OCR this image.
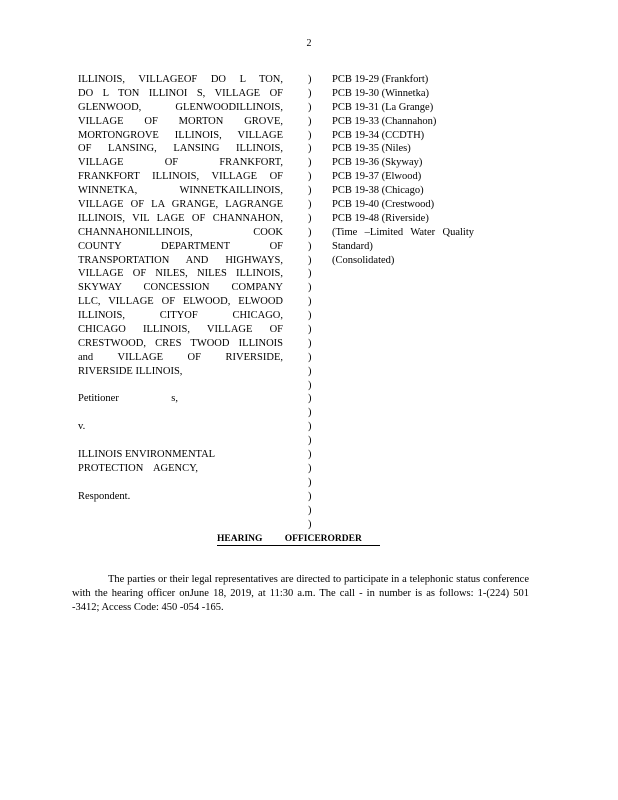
2
ILLINOIS, VILLAGEOF DO L TON,
DO L TON ILLINOI S, VILLAGE OF
GLENWOOD, GLENWOODILLINOIS,
VILLAGE OF MORTON GROVE,
MORTONGROVE ILLINOIS, VILLAGE
OF LANSING, LANSING ILLINOIS,
VILLAGE OF FRANKFORT,
FRANKFORT ILLINOIS, VILLAGE OF
WINNETKA, WINNETKAILLINOIS,
VILLAGE OF LA GRANGE, LAGRANGE
ILLINOIS, VIL LAGE OF CHANNAHON,
CHANNAHONILLINOIS, COOK
COUNTY DEPARTMENT OF
TRANSPORTATION AND HIGHWAYS,
VILLAGE OF NILES, NILES ILLINOIS,
SKYWAY CONCESSION COMPANY
LLC, VILLAGE OF ELWOOD, ELWOOD
ILLINOIS, CITYOF CHICAGO,
CHICAGO ILLINOIS, VILLAGE OF
CRESTWOOD, CRES TWOOD ILLINOIS
and VILLAGE OF RIVERSIDE,
RIVERSIDE ILLINOIS,
Petitioner s,
v.
ILLINOIS ENVIRONMENTAL
PROTECTION AGENCY,
Respondent.
)
)
)
)
)
)
)
)
)
)
)
)
)
)
)
)
)
)
)
)
)
)
)
)
)
)
)
)
)
)
)
)
)
PCB 19-29 (Frankfort)
PCB 19-30 (Winnetka)
PCB 19-31 (La Grange)
PCB 19-33 (Channahon)
PCB 19-34 (CCDTH)
PCB 19-35 (Niles)
PCB 19-36 (Skyway)
PCB 19-37 (Elwood)
PCB 19-38 (Chicago)
PCB 19-40 (Crestwood)
PCB 19-48 (Riverside)
(Time –Limited Water Quality
Standard)
(Consolidated)
HEARING OFFICERORDER
The parties or their legal representatives are directed to participate in a telephonic status conference with the hearing officer onJune 18, 2019, at 11:30 a.m. The call - in number is as follows: 1-(224) 501 -3412; Access Code: 450 -054 -165.
